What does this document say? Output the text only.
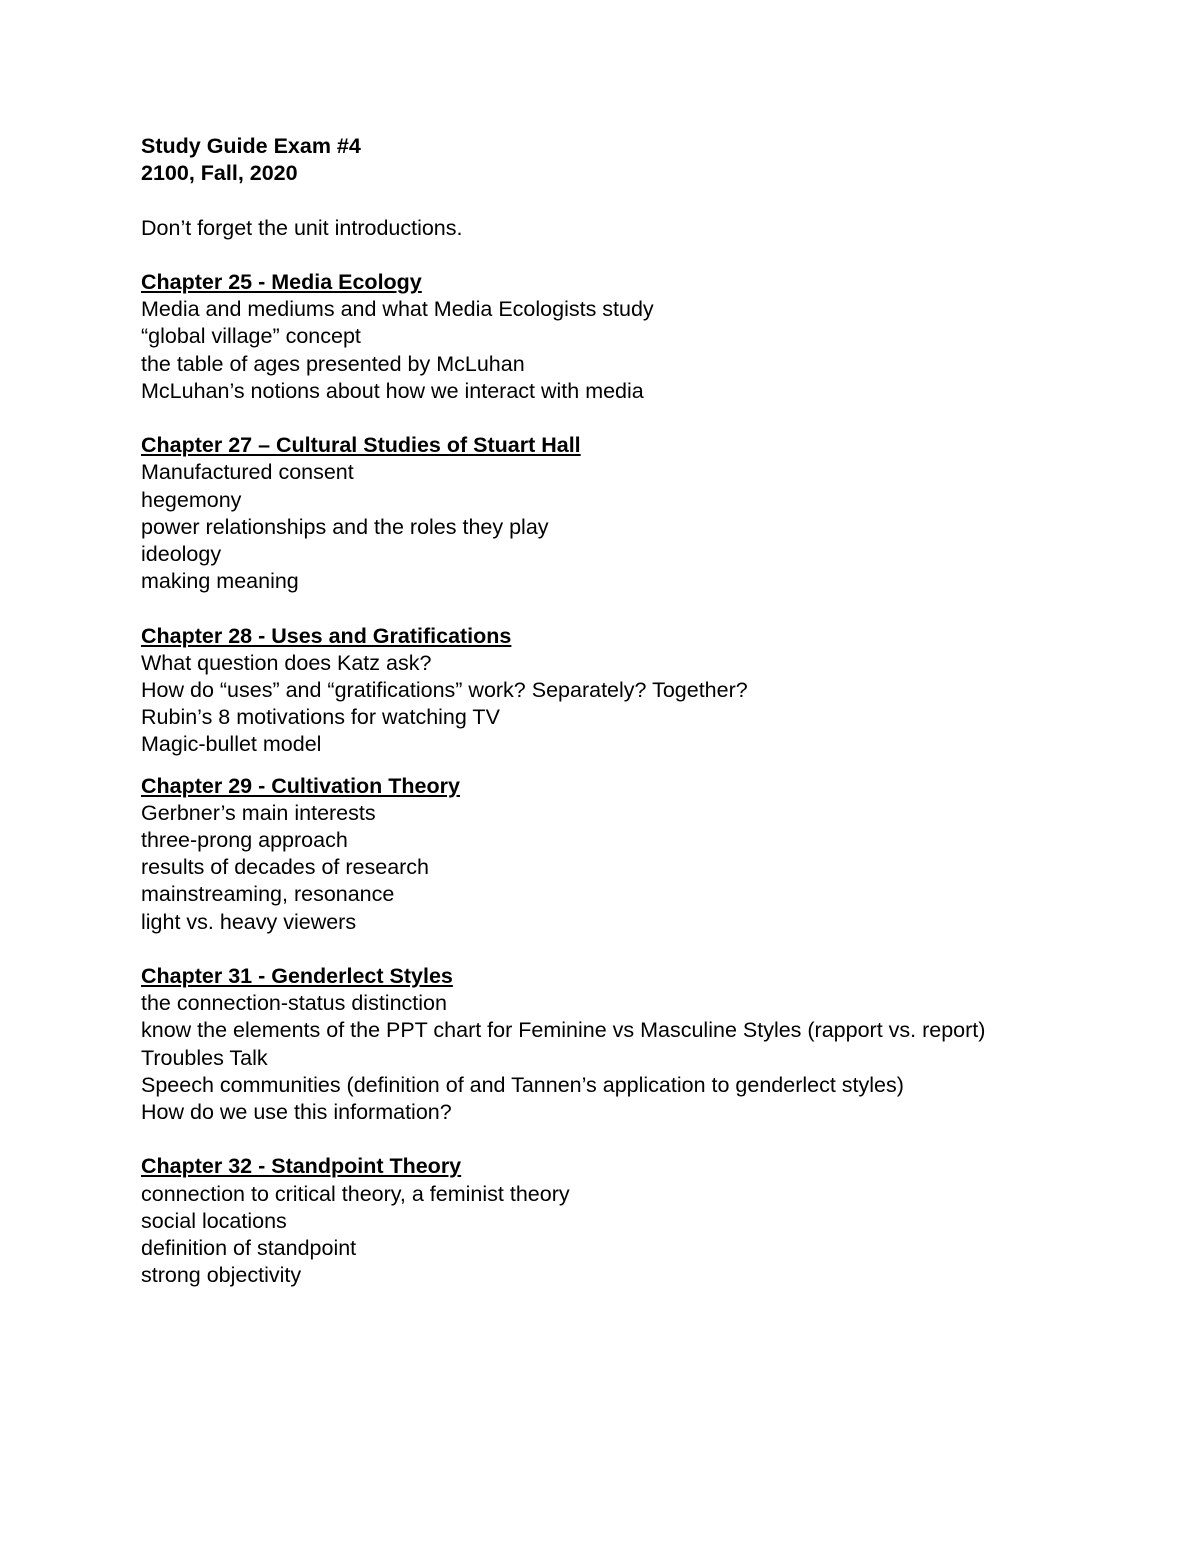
Study Guide Exam #4
2100, Fall, 2020
Don’t forget the unit introductions.
Chapter 25 - Media Ecology
Media and mediums and what Media Ecologists study
“global village” concept
the table of ages presented by McLuhan
McLuhan’s notions about how we interact with media
Chapter 27 – Cultural Studies of Stuart Hall
Manufactured consent
hegemony
power relationships and the roles they play
ideology
making meaning
Chapter 28 - Uses and Gratifications
What question does Katz ask?
How do “uses” and “gratifications” work? Separately? Together?
Rubin’s 8 motivations for watching TV
Magic-bullet model
Chapter 29 - Cultivation Theory
Gerbner’s main interests
three-prong approach
results of decades of research
mainstreaming, resonance
light vs. heavy viewers
Chapter 31 - Genderlect Styles
the connection-status distinction
know the elements of the PPT chart for Feminine vs Masculine Styles (rapport vs. report)
Troubles Talk
Speech communities (definition of and Tannen’s application to genderlect styles)
How do we use this information?
Chapter 32 - Standpoint Theory
connection to critical theory, a feminist theory
social locations
definition of standpoint
strong objectivity
